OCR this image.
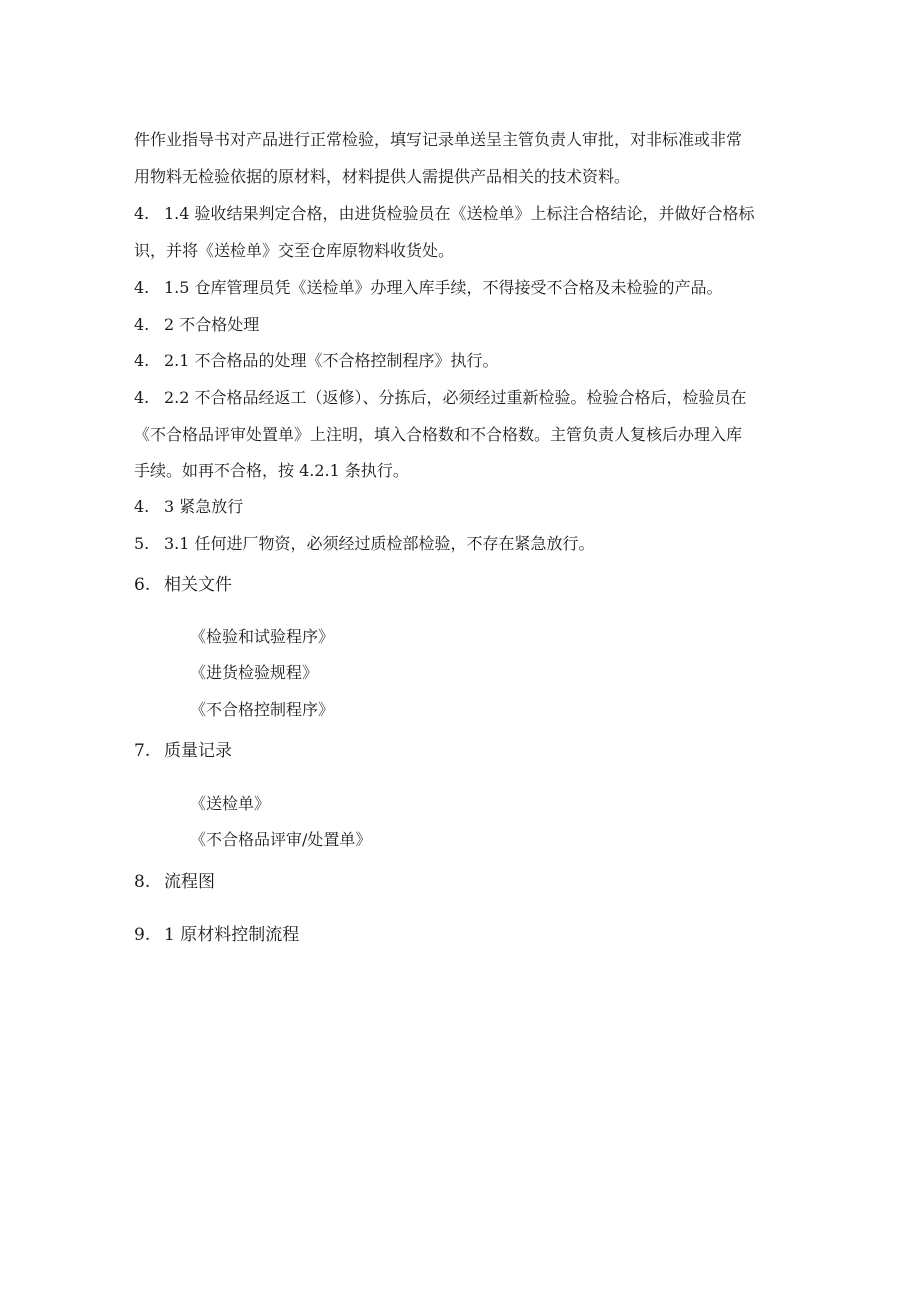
件作业指导书对产品进行正常检验，填写记录单送呈主管负责人审批，对非标准或非常
用物料无检验依据的原材料，材料提供人需提供产品相关的技术资料。
4. 1.4 验收结果判定合格，由进货检验员在《送检单》上标注合格结论，并做好合格标
识，并将《送检单》交至仓库原物料收货处。
4. 1.5 仓库管理员凭《送检单》办理入库手续，不得接受不合格及未检验的产品。
4. 2 不合格处理
4. 2.1 不合格品的处理《不合格控制程序》执行。
4. 2.2 不合格品经返工（返修）、分拣后，必须经过重新检验。检验合格后，检验员在
《不合格品评审处置单》上注明，填入合格数和不合格数。主管负责人复核后办理入库
手续。如再不合格，按 4.2.1 条执行。
4. 3 紧急放行
5. 3.1 任何进厂物资，必须经过质检部检验，不存在紧急放行。
6. 相关文件
《检验和试验程序》
《进货检验规程》
《不合格控制程序》
7. 质量记录
《送检单》
《不合格品评审/处置单》
8. 流程图
9. 1 原材料控制流程
